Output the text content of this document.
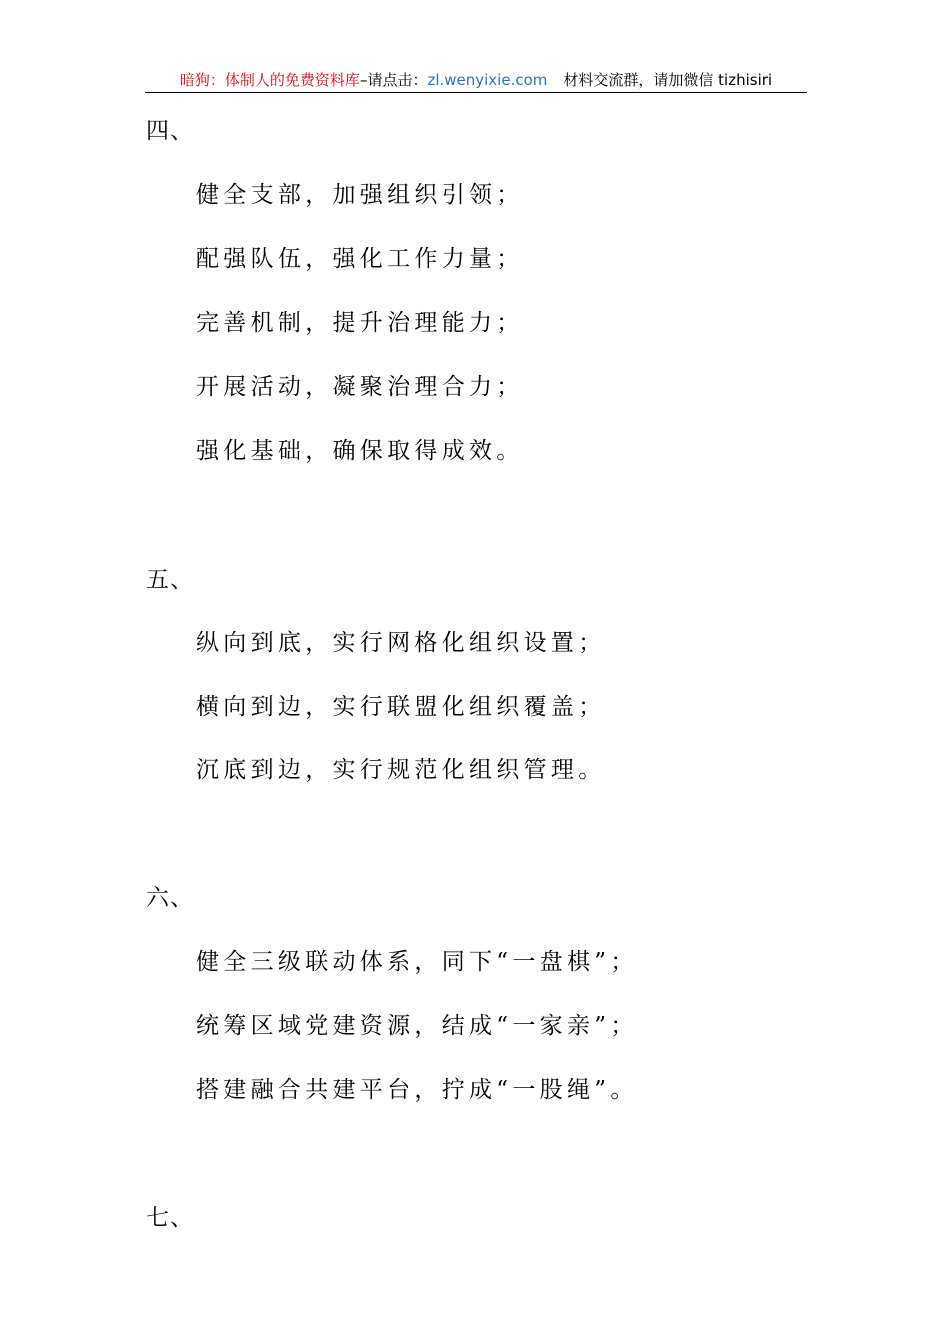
暗狗：体制人的免费资料库–请点击：zl.wenyixie.com 材料交流群，请加微信 tizhisiri
四、
健全支部，加强组织引领；
配强队伍，强化工作力量；
完善机制，提升治理能力；
开展活动，凝聚治理合力；
强化基础，确保取得成效。
五、
纵向到底，实行网格化组织设置；
横向到边，实行联盟化组织覆盖；
沉底到边，实行规范化组织管理。
六、
健全三级联动体系，同下“一盘棋”；
统筹区域党建资源，结成“一家亲”；
搭建融合共建平台，拧成“一股绳”。
七、
